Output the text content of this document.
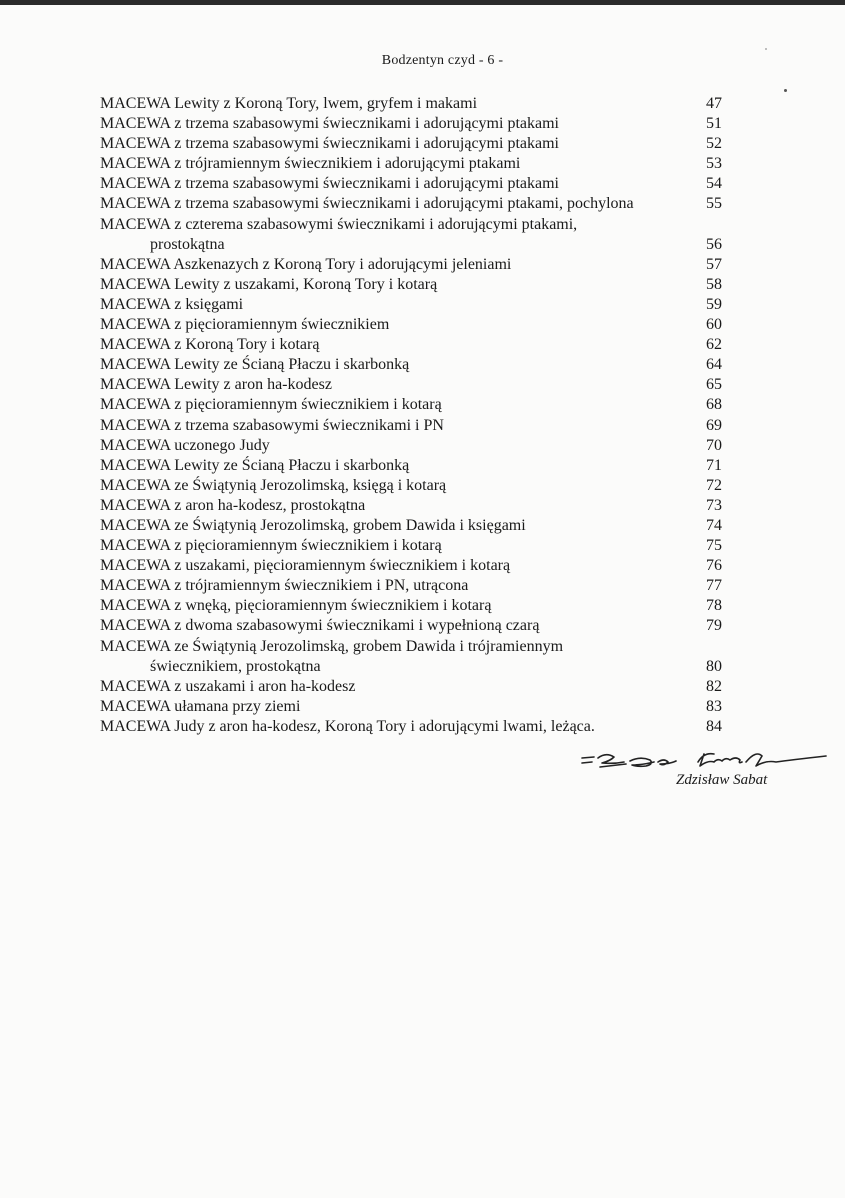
Bodzentyn czyd - 6 -
MACEWA Lewity z Koroną Tory, lwem, gryfem i makami	47
MACEWA z trzema szabasowymi świecznikami i adorującymi ptakami	51
MACEWA z trzema szabasowymi świecznikami i adorującymi ptakami	52
MACEWA z trójramiennym świecznikiem i adorującymi ptakami	53
MACEWA z trzema szabasowymi świecznikami i adorującymi ptakami	54
MACEWA z trzema szabasowymi świecznikami i adorującymi ptakami, pochylona	55
MACEWA z czterema szabasowymi świecznikami i adorującymi ptakami,
prostokątna	56
MACEWA Aszkenazych z Koroną Tory i adorującymi jeleniami	57
MACEWA Lewity z uszakami, Koroną Tory i kotarą	58
MACEWA z księgami	59
MACEWA z pięcioramiennym świecznikiem	60
MACEWA z Koroną Tory i kotarą	62
MACEWA Lewity ze Ścianą Płaczu i skarbonką	64
MACEWA Lewity z aron ha-kodesz	65
MACEWA z pięcioramiennym świecznikiem i kotarą	68
MACEWA z trzema szabasowymi świecznikami i PN	69
MACEWA uczonego Judy	70
MACEWA Lewity ze Ścianą Płaczu i skarbonką	71
MACEWA ze Świątynią Jerozolimską, księgą i kotarą	72
MACEWA z aron ha-kodesz, prostokątna	73
MACEWA ze Świątynią Jerozolimską, grobem Dawida i księgami	74
MACEWA z pięcioramiennym świecznikiem i kotarą	75
MACEWA z uszakami, pięcioramiennym świecznikiem i kotarą	76
MACEWA z trójramiennym świecznikiem i PN, utrącona	77
MACEWA z wnęką, pięcioramiennym świecznikiem i kotarą	78
MACEWA z dwoma szabasowymi świecznikami i wypełnioną czarą	79
MACEWA ze Świątynią Jerozolimską, grobem Dawida i trójramiennym
świecznikiem, prostokątna	80
MACEWA z uszakami i aron ha-kodesz	82
MACEWA ułamana przy ziemi	83
MACEWA Judy z aron ha-kodesz, Koroną Tory i adorującymi lwami, leżąca.	84
Zdzisław Sabat
